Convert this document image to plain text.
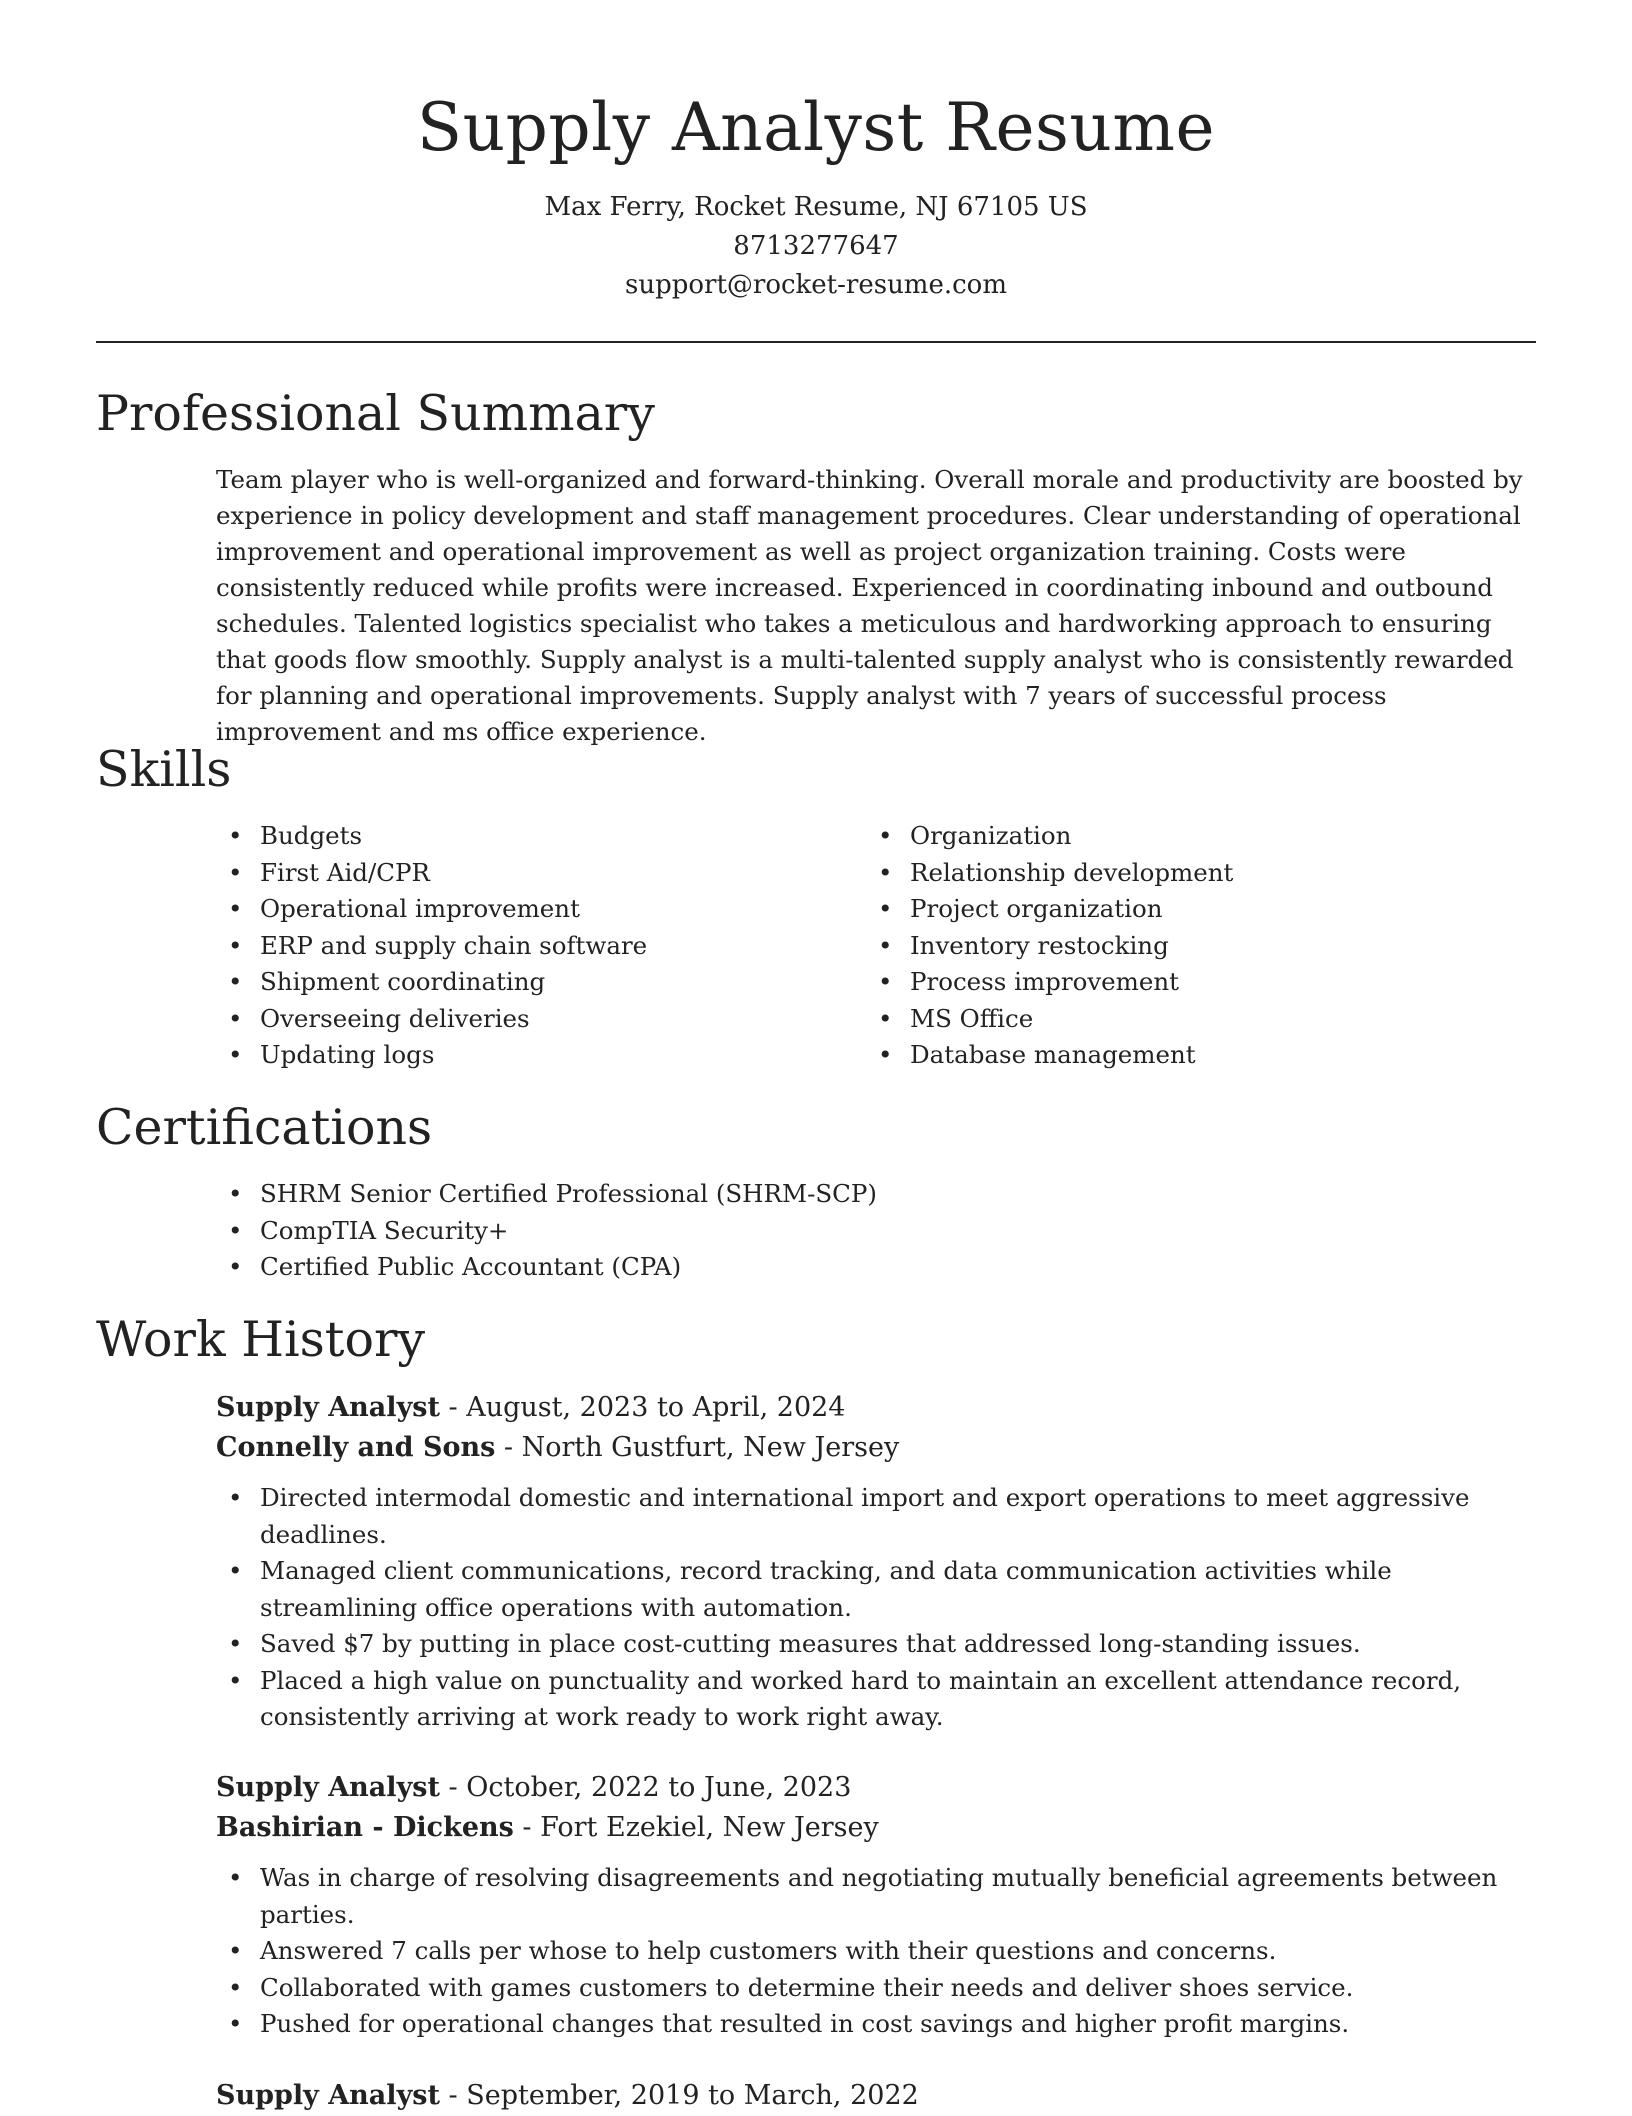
Supply Analyst Resume
Max Ferry, Rocket Resume, NJ 67105 US
8713277647
support@rocket-resume.com
Professional Summary

Team player who is well-organized and forward-thinking. Overall morale and productivity are boosted by experience in policy development and staff management procedures. Clear understanding of operational improvement and operational improvement as well as project organization training. Costs were consistently reduced while profits were increased. Experienced in coordinating inbound and outbound schedules. Talented logistics specialist who takes a meticulous and hardworking approach to ensuring that goods flow smoothly. Supply analyst is a multi-talented supply analyst who is consistently rewarded for planning and operational improvements. Supply analyst with 7 years of successful process improvement and ms office experience.

Skills
• Budgets
• First Aid/CPR
• Operational improvement
• ERP and supply chain software
• Shipment coordinating
• Overseeing deliveries
• Updating logs
• Organization
• Relationship development
• Project organization
• Inventory restocking
• Process improvement
• MS Office
• Database management
Certifications
• SHRM Senior Certified Professional (SHRM-SCP)
• CompTIA Security+
• Certified Public Accountant (CPA)
Work History
Supply Analyst - August, 2023 to April, 2024
Connelly and Sons - North Gustfurt, New Jersey
• Directed intermodal domestic and international import and export operations to meet aggressive deadlines.
• Managed client communications, record tracking, and data communication activities while streamlining office operations with automation.
• Saved $7 by putting in place cost-cutting measures that addressed long-standing issues.
• Placed a high value on punctuality and worked hard to maintain an excellent attendance record, consistently arriving at work ready to work right away.
Supply Analyst - October, 2022 to June, 2023
Bashirian - Dickens - Fort Ezekiel, New Jersey
• Was in charge of resolving disagreements and negotiating mutually beneficial agreements between parties.
• Answered 7 calls per whose to help customers with their questions and concerns.
• Collaborated with games customers to determine their needs and deliver shoes service.
• Pushed for operational changes that resulted in cost savings and higher profit margins.
Supply Analyst - September, 2019 to March, 2022
